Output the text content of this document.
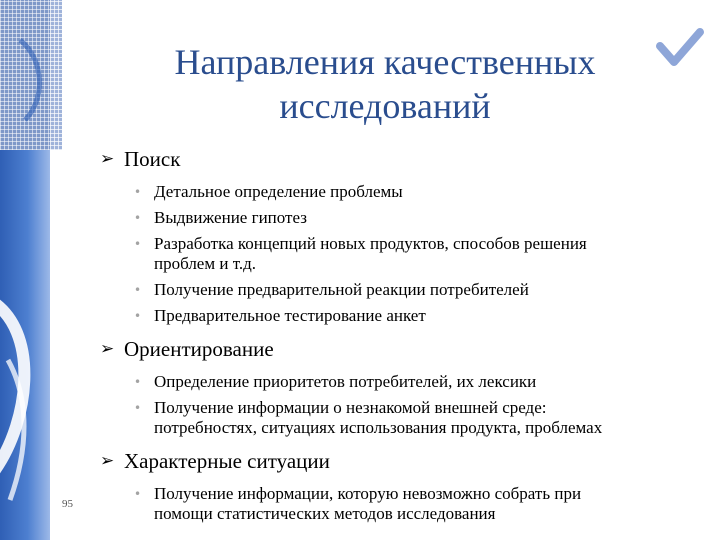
Направления качественных
исследований
➢ Поиск
• Детальное определение проблемы
• Выдвижение гипотез
• Разработка концепций новых продуктов, способов решения
проблем и т.д.
• Получение предварительной реакции потребителей
• Предварительное тестирование анкет
➢ Ориентирование
• Определение приоритетов потребителей, их лексики
• Получение информации о незнакомой внешней среде:
потребностях, ситуациях использования продукта, проблемах
➢ Характерные ситуации
• Получение информации, которую невозможно собрать при
помощи статистических методов исследования
95
